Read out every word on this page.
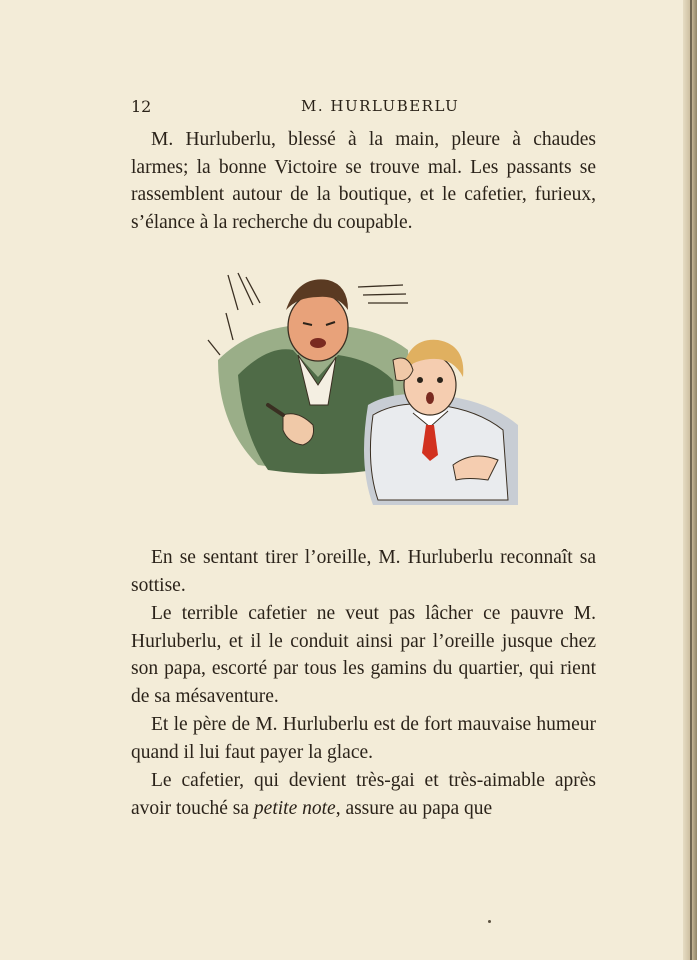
12	M. HURLUBERLU

M. Hurluberlu, blessé à la main, pleure à chaudes larmes; la bonne Victoire se trouve mal. Les passants se rassemblent autour de la boutique, et le cafetier, furieux, s’élance à la recherche du coupable.

En se sentant tirer l’oreille, M. Hurluberlu reconnaît sa sottise.

Le terrible cafetier ne veut pas lâcher ce pauvre M. Hurluberlu, et il le conduit ainsi par l’oreille jusque chez son papa, escorté par tous les gamins du quartier, qui rient de sa mésaventure.

Et le père de M. Hurluberlu est de fort mauvaise humeur quand il lui faut payer la glace.

Le cafetier, qui devient très-gai et très-aimable après avoir touché sa petite note, assure au papa que
